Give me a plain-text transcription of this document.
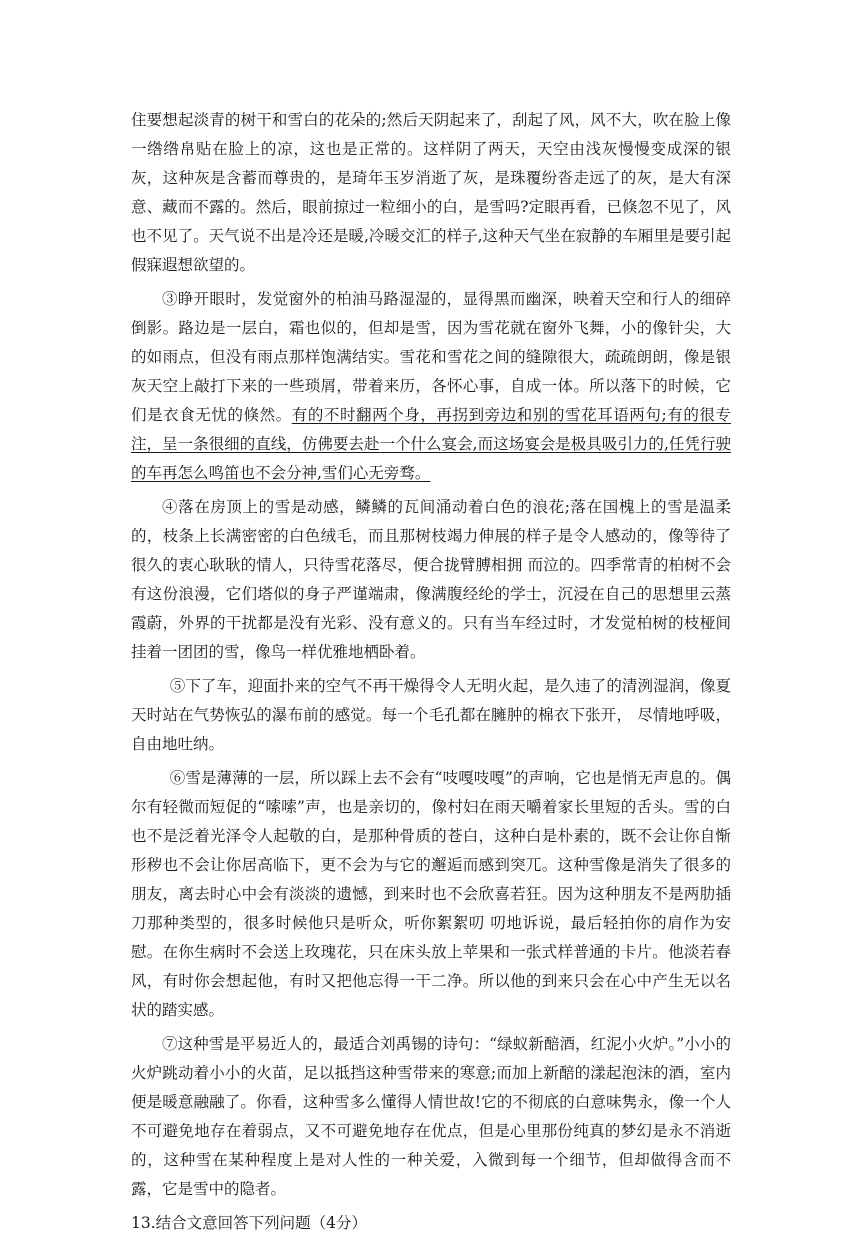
住要想起淡青的树干和雪白的花朵的;然后天阴起来了，刮起了风，风不大，吹在脸上像一绺绺帛贴在脸上的凉，这也是正常的。这样阴了两天，天空由浅灰慢慢变成深的银灰，这种灰是含蓄而尊贵的，是琦年玉岁消逝了灰，是珠覆纷沓走远了的灰，是大有深意、藏而不露的。然后，眼前掠过一粒细小的白，是雪吗?定眼再看，已倏忽不见了，风也不见了。天气说不出是冷还是暖,冷暖交汇的样子,这种天气坐在寂静的车厢里是要引起假寐遐想欲望的。

③睁开眼时，发觉窗外的柏油马路湿湿的，显得黑而幽深，映着天空和行人的细碎倒影。路边是一层白，霜也似的，但却是雪，因为雪花就在窗外飞舞，小的像针尖，大的如雨点，但没有雨点那样饱满结实。雪花和雪花之间的缝隙很大，疏疏朗朗，像是银灰天空上敲打下来的一些琐屑，带着来历，各怀心事，自成一体。所以落下的时候，它们是衣食无忧的倏然。有的不时翻两个身，再拐到旁边和别的雪花耳语两句;有的很专注，呈一条很细的直线，仿佛要去赴一个什么宴会,而这场宴会是极具吸引力的,任凭行驶的车再怎么鸣笛也不会分神,雪们心无旁骛。

④落在房顶上的雪是动感，鳞鳞的瓦间涌动着白色的浪花;落在国槐上的雪是温柔的，枝条上长满密密的白色绒毛，而且那树枝竭力伸展的样子是令人感动的，像等待了很久的衷心耿耿的情人，只待雪花落尽，便合拢臂膊相拥 而泣的。四季常青的柏树不会有这份浪漫，它们塔似的身子严谨端肃，像满腹经纶的学士，沉浸在自己的思想里云蒸霞蔚，外界的干扰都是没有光彩、没有意义的。只有当车经过时，才发觉柏树的枝桠间挂着一团团的雪，像鸟一样优雅地栖卧着。

⑤下了车，迎面扑来的空气不再干燥得令人无明火起，是久违了的清洌湿润，像夏天时站在气势恢弘的瀑布前的感觉。每一个毛孔都在臃肿的棉衣下张开， 尽情地呼吸，自由地吐纳。

⑥雪是薄薄的一层，所以踩上去不会有“吱嘎吱嘎”的声响，它也是悄无声息的。偶尔有轻微而短促的“嗦嗦”声，也是亲切的，像村妇在雨天嚼着家长里短的舌头。雪的白也不是泛着光泽令人起敬的白，是那种骨质的苍白，这种白是朴素的，既不会让你自惭形秽也不会让你居高临下，更不会为与它的邂逅而感到突兀。这种雪像是消失了很多的朋友，离去时心中会有淡淡的遗憾，到来时也不会欣喜若狂。因为这种朋友不是两肋插刀那种类型的，很多时候他只是听众，听你絮絮叨 叨地诉说，最后轻拍你的肩作为安慰。在你生病时不会送上玫瑰花，只在床头放上苹果和一张式样普通的卡片。他淡若春风，有时你会想起他，有时又把他忘得一干二净。所以他的到来只会在心中产生无以名状的踏实感。

⑦这种雪是平易近人的，最适合刘禹锡的诗句：“绿蚁新醅酒，红泥小火炉。”小小的火炉跳动着小小的火苗，足以抵挡这种雪带来的寒意;而加上新醅的漾起泡沫的酒，室内便是暖意融融了。你看，这种雪多么懂得人情世故!它的不彻底的白意味隽永，像一个人不可避免地存在着弱点，又不可避免地存在优点，但是心里那份纯真的梦幻是永不消逝的，这种雪在某种程度上是对人性的一种关爱，入微到每一个细节，但却做得含而不露，它是雪中的隐者。

13.结合文意回答下列问题（4分）
